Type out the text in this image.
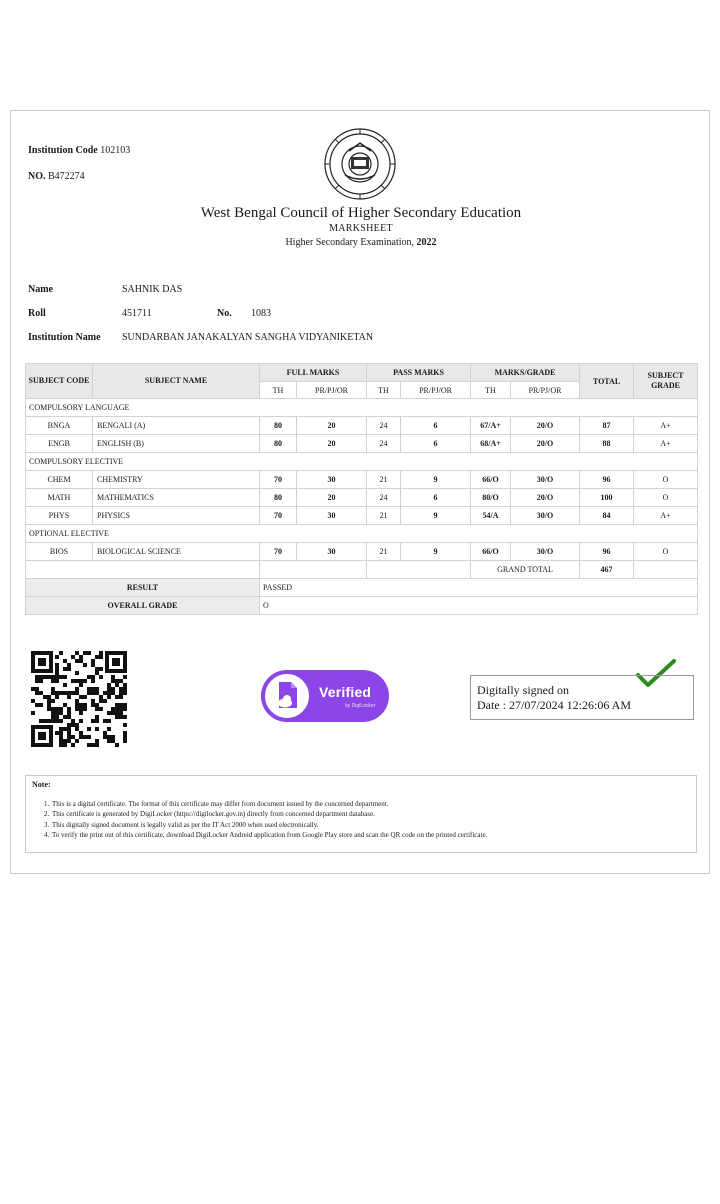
Institution Code 102103
NO. B472274
West Bengal Council of Higher Secondary Education
MARKSHEET
Higher Secondary Examination, 2022
Name	SAHNIK DAS
Roll	451711	No. 1083
Institution Name	SUNDARBAN JANAKALYAN SANGHA VIDYANIKETAN
SUBJECT CODE	SUBJECT NAME	FULL MARKS		PASS MARKS		MARKS/GRADE		TOTAL	SUBJECT GRADE
		TH	PR/PJ/OR	TH	PR/PJ/OR	TH	PR/PJ/OR		
COMPULSORY LANGUAGE									
BNGA	BENGALI (A)	80	20	24	6	67/A+	20/O	87	A+
ENGB	ENGLISH (B)	80	20	24	6	68/A+	20/O	88	A+
COMPULSORY ELECTIVE									
CHEM	CHEMISTRY	70	30	21	9	66/O	30/O	96	O
MATH	MATHEMATICS	80	20	24	6	80/O	20/O	100	O
PHYS	PHYSICS	70	30	21	9	54/A	30/O	84	A+
OPTIONAL ELECTIVE									
BIOS	BIOLOGICAL SCIENCE	70	30	21	9	66/O	30/O	96	O
						GRAND TOTAL		467	
RESULT		PASSED							
OVERALL GRADE		O							
Verified
by DigiLocker
Digitally signed on
Date : 27/07/2024 12:26:06 AM
Note:
1. This is a digital certificate. The format of this certificate may differ from document issued by the concerned department.
2. This certificate is generated by DigiLocker (https://digilocker.gov.in) directly from concerned department database.
3. This digitally signed document is legally valid as per the IT Act 2000 when used electronically.
4. To verify the print out of this certificate, download DigiLocker Andreid application from Google Play store and scan the QR code on the printed certificate.
